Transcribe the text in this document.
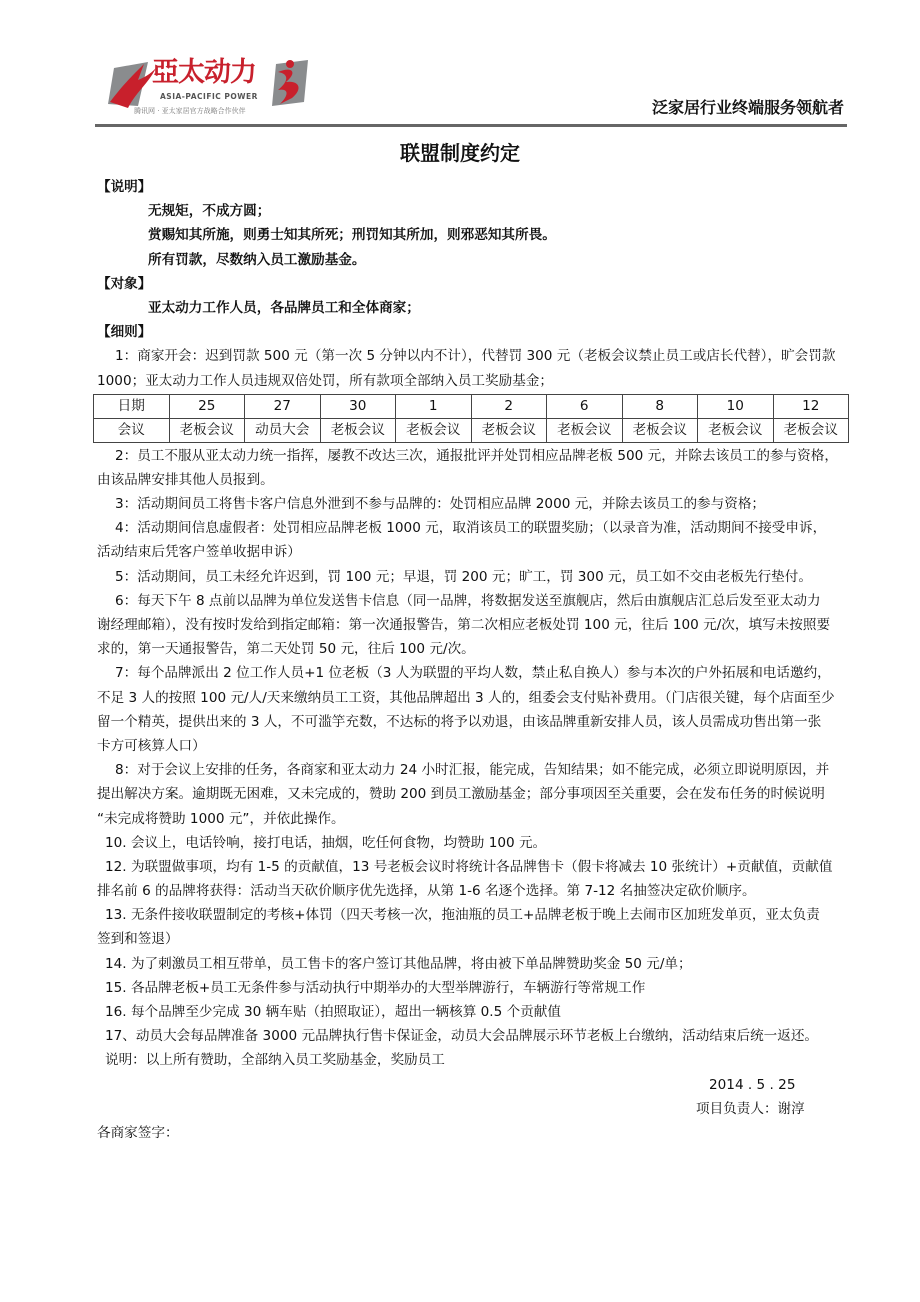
亞太动力
ASIA-PACIFIC POWER
腾讯网 · 亚太家居官方战略合作伙伴	泛家居行业终端服务领航者
联盟制度约定
【说明】
无规矩，不成方圆；
赏赐知其所施，则勇士知其所死；刑罚知其所加，则邪恶知其所畏。
所有罚款，尽数纳入员工激励基金。
【对象】
亚太动力工作人员，各品牌员工和全体商家；
【细则】
1：商家开会：迟到罚款 500 元（第一次 5 分钟以内不计），代替罚 300 元（老板会议禁止员工或店长代替），旷会罚款
1000；亚太动力工作人员违规双倍处罚，所有款项全部纳入员工奖励基金；
日期	25	27	30	1	2	6	8	10	12
会议	老板会议	动员大会	老板会议	老板会议	老板会议	老板会议	老板会议	老板会议	老板会议
2：员工不服从亚太动力统一指挥，屡教不改达三次，通报批评并处罚相应品牌老板 500 元，并除去该员工的参与资格，
由该品牌安排其他人员报到。
3：活动期间员工将售卡客户信息外泄到不参与品牌的：处罚相应品牌 2000 元，并除去该员工的参与资格；
4：活动期间信息虚假者：处罚相应品牌老板 1000 元，取消该员工的联盟奖励；（以录音为准，活动期间不接受申诉，
活动结束后凭客户签单收据申诉）
5：活动期间，员工未经允许迟到，罚 100 元；早退，罚 200 元；旷工，罚 300 元，员工如不交由老板先行垫付。
6：每天下午 8 点前以品牌为单位发送售卡信息（同一品牌，将数据发送至旗舰店，然后由旗舰店汇总后发至亚太动力
谢经理邮箱），没有按时发给到指定邮箱：第一次通报警告，第二次相应老板处罚 100 元，往后 100 元/次，填写未按照要
求的，第一天通报警告，第二天处罚 50 元，往后 100 元/次。
7：每个品牌派出 2 位工作人员+1 位老板（3 人为联盟的平均人数，禁止私自换人）参与本次的户外拓展和电话邀约，
不足 3 人的按照 100 元/人/天来缴纳员工工资，其他品牌超出 3 人的，组委会支付贴补费用。（门店很关键，每个店面至少
留一个精英，提供出来的 3 人，不可滥竽充数，不达标的将予以劝退，由该品牌重新安排人员，该人员需成功售出第一张
卡方可核算人口）
8：对于会议上安排的任务，各商家和亚太动力 24 小时汇报，能完成，告知结果；如不能完成，必须立即说明原因，并
提出解决方案。逾期既无困难，又未完成的，赞助 200 到员工激励基金；部分事项因至关重要，会在发布任务的时候说明
“未完成将赞助 1000 元”，并依此操作。
10. 会议上，电话铃响，接打电话，抽烟，吃任何食物，均赞助 100 元。
12. 为联盟做事项，均有 1-5 的贡献值，13 号老板会议时将统计各品牌售卡（假卡将减去 10 张统计）+贡献值，贡献值
排名前 6 的品牌将获得：活动当天砍价顺序优先选择，从第 1-6 名逐个选择。第 7-12 名抽签决定砍价顺序。
13. 无条件接收联盟制定的考核+体罚（四天考核一次，拖油瓶的员工+品牌老板于晚上去闹市区加班发单页，亚太负责
签到和签退）
14. 为了刺激员工相互带单，员工售卡的客户签订其他品牌，将由被下单品牌赞助奖金 50 元/单；
15. 各品牌老板+员工无条件参与活动执行中期举办的大型举牌游行，车辆游行等常规工作
16. 每个品牌至少完成 30 辆车贴（拍照取证），超出一辆核算 0.5 个贡献值
17、动员大会每品牌准备 3000 元品牌执行售卡保证金，动员大会品牌展示环节老板上台缴纳，活动结束后统一返还。
说明：以上所有赞助，全部纳入员工奖励基金，奖励员工
2014 . 5 . 25
项目负责人：谢淳
各商家签字：
